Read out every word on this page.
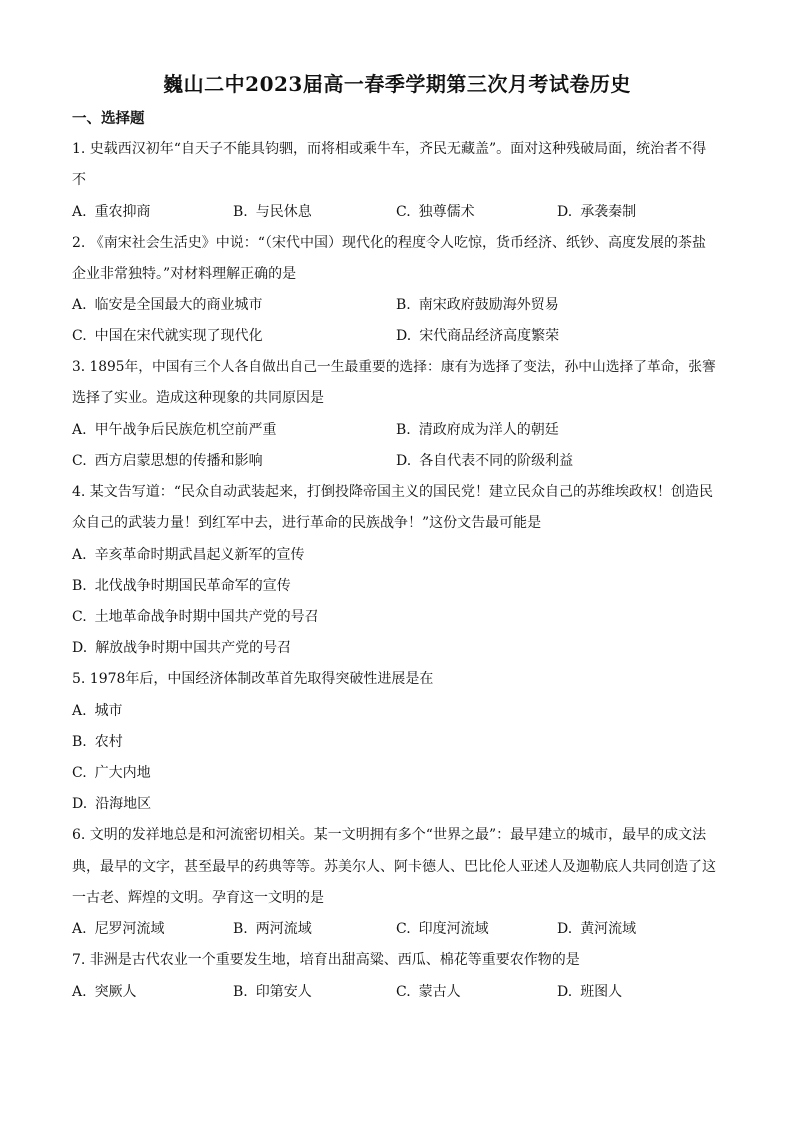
巍山二中2023届高一春季学期第三次月考试卷历史
一、选择题
1. 史载西汉初年“自天子不能具钧驷，而将相或乘牛车，齐民无藏盖”。面对这种残破局面，统治者不得
不
A. 重农抑商	B. 与民休息	C. 独尊儒术	D. 承袭秦制
2. 《南宋社会生活史》中说：“（宋代中国）现代化的程度令人吃惊，货币经济、纸钞、高度发展的茶盐
企业非常独特。”对材料理解正确的是
A. 临安是全国最大的商业城市	B. 南宋政府鼓励海外贸易
C. 中国在宋代就实现了现代化	D. 宋代商品经济高度繁荣
3. 1895年，中国有三个人各自做出自己一生最重要的选择：康有为选择了变法，孙中山选择了革命，张謇
选择了实业。造成这种现象的共同原因是
A. 甲午战争后民族危机空前严重	B. 清政府成为洋人的朝廷
C. 西方启蒙思想的传播和影响	D. 各自代表不同的阶级利益
4. 某文告写道：“民众自动武装起来，打倒投降帝国主义的国民党！建立民众自己的苏维埃政权！创造民
众自己的武装力量！到红军中去，进行革命的民族战争！”这份文告最可能是
A. 辛亥革命时期武昌起义新军的宣传
B. 北伐战争时期国民革命军的宣传
C. 土地革命战争时期中国共产党的号召
D. 解放战争时期中国共产党的号召
5. 1978年后，中国经济体制改革首先取得突破性进展是在
A. 城市
B. 农村
C. 广大内地
D. 沿海地区
6. 文明的发祥地总是和河流密切相关。某一文明拥有多个“世界之最”：最早建立的城市，最早的成文法
典，最早的文字，甚至最早的药典等等。苏美尔人、阿卡德人、巴比伦人亚述人及迦勒底人共同创造了这
一古老、辉煌的文明。孕育这一文明的是
A. 尼罗河流域	B. 两河流域	C. 印度河流域	D. 黄河流域
7. 非洲是古代农业一个重要发生地，培育出甜高粱、西瓜、棉花等重要农作物的是
A. 突厥人	B. 印第安人	C. 蒙古人	D. 班图人
